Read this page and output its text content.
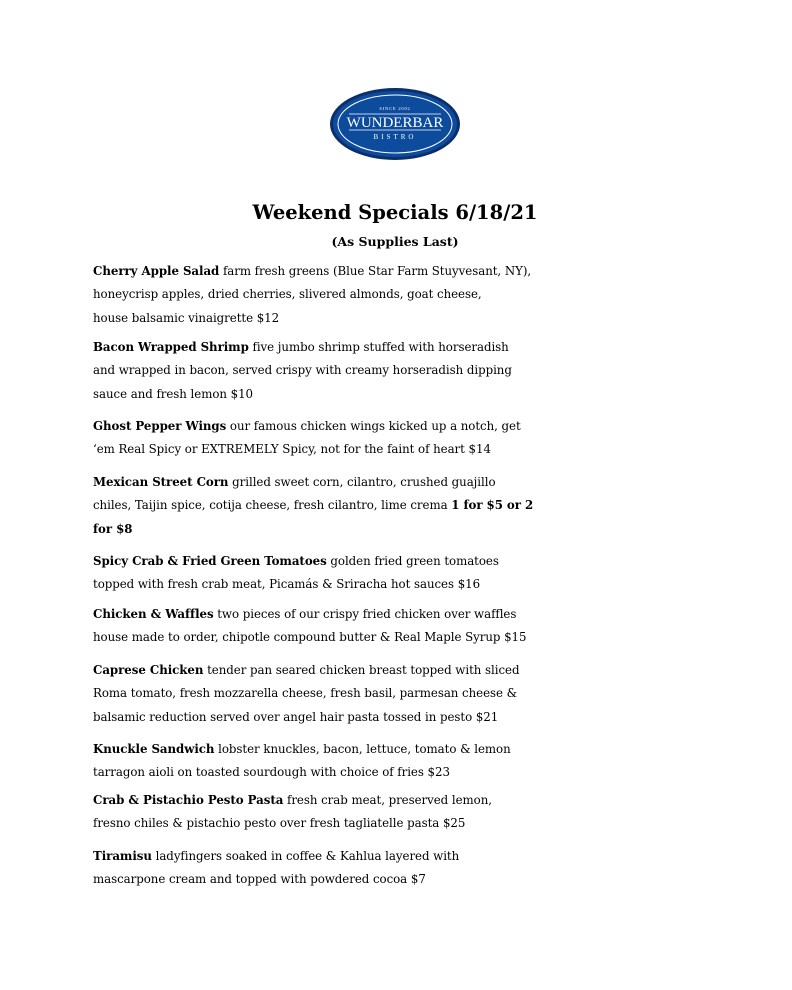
SINCE 2002
WUNDERBAR
BISTRO
Weekend Specials 6/18/21
(As Supplies Last)
Cherry Apple Salad farm fresh greens (Blue Star Farm Stuyvesant, NY),
honeycrisp apples, dried cherries, slivered almonds, goat cheese,
house balsamic vinaigrette $12
Bacon Wrapped Shrimp five jumbo shrimp stuffed with horseradish
and wrapped in bacon, served crispy with creamy horseradish dipping
sauce and fresh lemon $10
Ghost Pepper Wings our famous chicken wings kicked up a notch, get
‘em Real Spicy or EXTREMELY Spicy, not for the faint of heart $14
Mexican Street Corn grilled sweet corn, cilantro, crushed guajillo
chiles, Taijin spice, cotija cheese, fresh cilantro, lime crema 1 for $5 or 2
for $8
Spicy Crab & Fried Green Tomatoes golden fried green tomatoes
topped with fresh crab meat, Picamás & Sriracha hot sauces $16
Chicken & Waffles two pieces of our crispy fried chicken over waffles
house made to order, chipotle compound butter & Real Maple Syrup $15
Caprese Chicken tender pan seared chicken breast topped with sliced
Roma tomato, fresh mozzarella cheese, fresh basil, parmesan cheese &
balsamic reduction served over angel hair pasta tossed in pesto $21
Knuckle Sandwich lobster knuckles, bacon, lettuce, tomato & lemon
tarragon aioli on toasted sourdough with choice of fries $23
Crab & Pistachio Pesto Pasta fresh crab meat, preserved lemon,
fresno chiles & pistachio pesto over fresh tagliatelle pasta $25
Tiramisu ladyfingers soaked in coffee & Kahlua layered with
mascarpone cream and topped with powdered cocoa $7
